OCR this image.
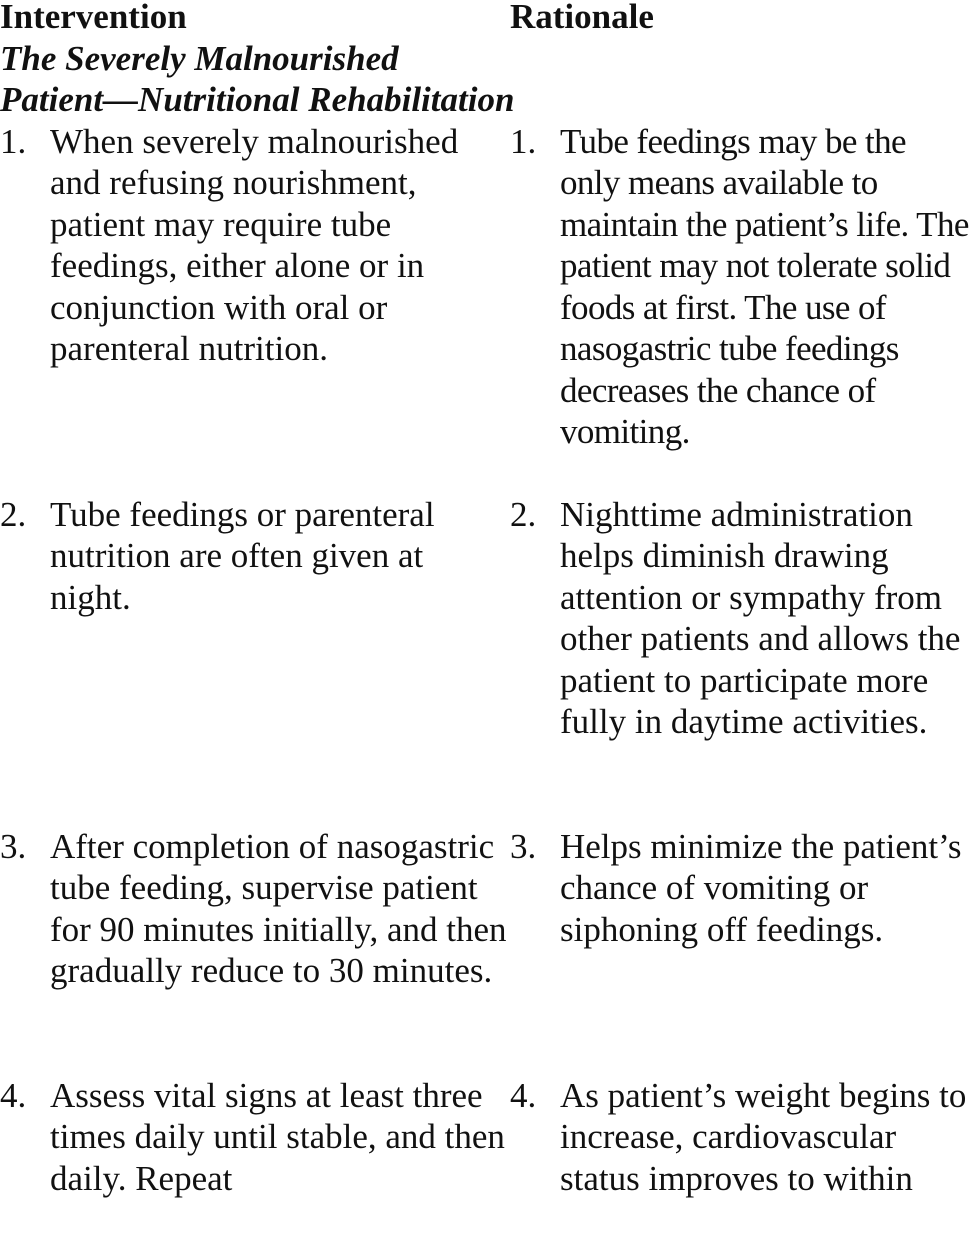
Intervention	Rationale
The Severely Malnourished
Patient—Nutritional Rehabilitation
1. When severely malnourished and refusing nourishment, patient may require tube feedings, either alone or in conjunction with oral or parenteral nutrition.
1. Tube feedings may be the only means available to maintain the patient’s life. The patient may not tolerate solid foods at first. The use of nasogastric tube feedings decreases the chance of vomiting.
2. Tube feedings or parenteral nutrition are often given at night.
2. Nighttime administration helps diminish drawing attention or sympathy from other patients and allows the patient to participate more fully in daytime activities.
3. After completion of nasogastric tube feeding, supervise patient for 90 minutes initially, and then gradually reduce to 30 minutes.
3. Helps minimize the patient’s chance of vomiting or siphoning off feedings.
4. Assess vital signs at least three times daily until stable, and then daily. Repeat
4. As patient’s weight begins to increase, cardiovascular status improves to within
